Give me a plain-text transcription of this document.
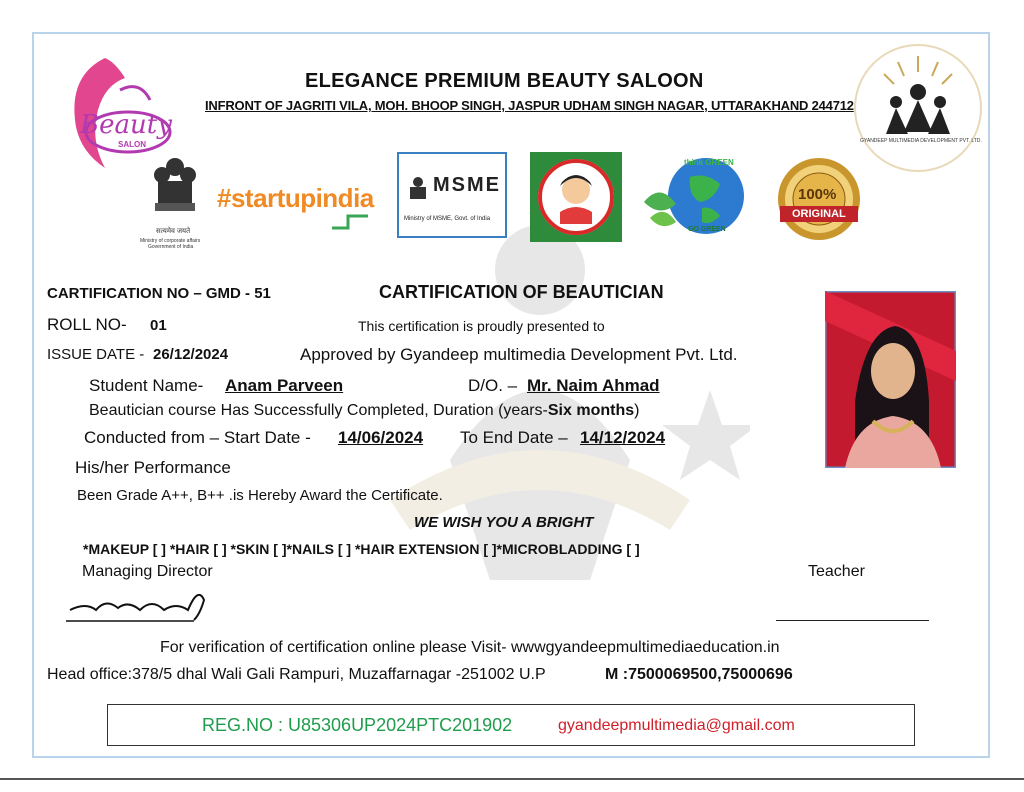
Beauty
SALON
ELEGANCE PREMIUM BEAUTY SALOON
INFRONT OF JAGRITI VILA, MOH. BHOOP SINGH, JASPUR UDHAM SINGH NAGAR, UTTARAKHAND 244712
GYANDEEP MULTIMEDIA DEVELOPMENT PVT. LTD.
सत्यमेव जयते
Ministry of corporate affairs
Government of India
#startupindia	MSME
Ministry of MSME, Govt. of India
think GREEN
GO GREEN
100%
ORIGINAL
CARTIFICATION NO – GMD - 51	CARTIFICATION OF BEAUTICIAN
ROLL NO- 01	This certification is proudly presented to
ISSUE DATE - 26/12/2024	Approved by Gyandeep multimedia Development Pvt. Ltd.
Student Name- Anam Parveen	D/O. – Mr. Naim Ahmad
Beautician course Has Successfully Completed, Duration (years-Six months)
Conducted from – Start Date - 14/06/2024 To End Date – 14/12/2024
His/her Performance
Been Grade A++, B++ .is Hereby Award the Certificate.
WE WISH YOU A BRIGHT
*MAKEUP [ ] *HAIR [ ] *SKIN [ ]*NAILS [ ] *HAIR EXTENSION [ ]*MICROBLADDING [ ]
Managing Director	Teacher
For verification of certification online please Visit- wwwgyandeepmultimediaeducation.in
Head office:378/5 dhal Wali Gali Rampuri, Muzaffarnagar -251002 U.P	M :7500069500,75000696
REG.NO : U85306UP2024PTC201902	gyandeepmultimedia@gmail.com
